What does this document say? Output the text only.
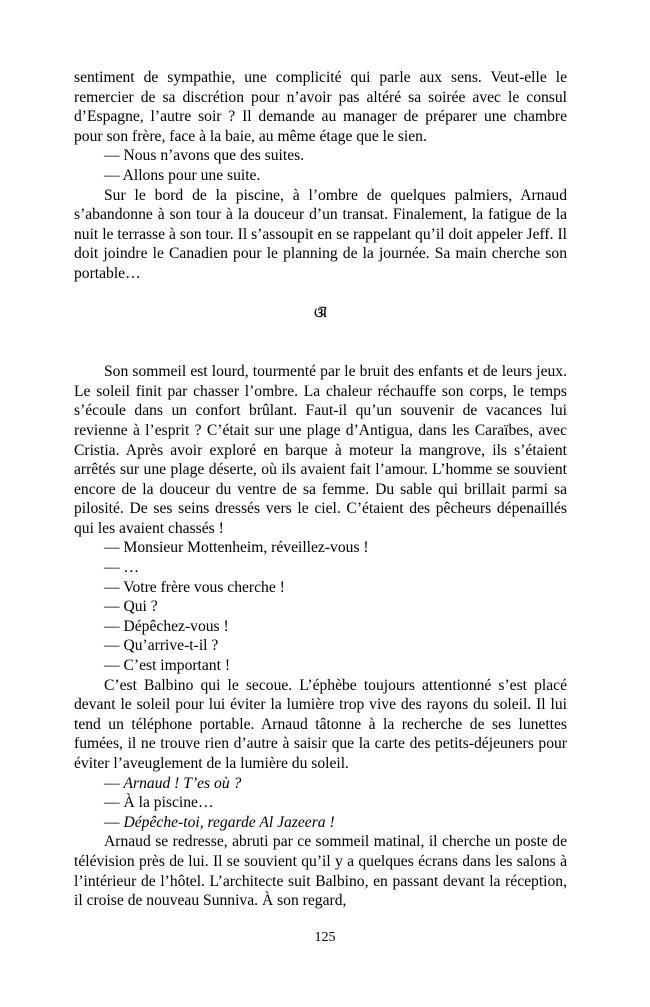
sentiment de sympathie, une complicité qui parle aux sens. Veut-elle le remercier de sa discrétion pour n’avoir pas altéré sa soirée avec le consul d’Espagne, l’autre soir ? Il demande au manager de préparer une chambre pour son frère, face à la baie, au même étage que le sien.

— Nous n’avons que des suites.

— Allons pour une suite.

Sur le bord de la piscine, à l’ombre de quelques palmiers, Arnaud s’abandonne à son tour à la douceur d’un transat. Finalement, la fatigue de la nuit le terrasse à son tour. Il s’assoupit en se rappelant qu’il doit appeler Jeff. Il doit joindre le Canadien pour le planning de la journée. Sa main cherche son portable…

ଔ

Son sommeil est lourd, tourmenté par le bruit des enfants et de leurs jeux. Le soleil finit par chasser l’ombre. La chaleur réchauffe son corps, le temps s’écoule dans un confort brûlant. Faut-il qu’un souvenir de vacances lui revienne à l’esprit ? C’était sur une plage d’Antigua, dans les Caraïbes, avec Cristia. Après avoir exploré en barque à moteur la mangrove, ils s’étaient arrêtés sur une plage déserte, où ils avaient fait l’amour. L’homme se souvient encore de la douceur du ventre de sa femme. Du sable qui brillait parmi sa pilosité. De ses seins dressés vers le ciel. C’étaient des pêcheurs dépenaillés qui les avaient chassés !

— Monsieur Mottenheim, réveillez-vous !

— …

— Votre frère vous cherche !

— Qui ?

— Dépêchez-vous !

— Qu’arrive-t-il ?

— C’est important !

C’est Balbino qui le secoue. L’éphèbe toujours attentionné s’est placé devant le soleil pour lui éviter la lumière trop vive des rayons du soleil. Il lui tend un téléphone portable. Arnaud tâtonne à la recherche de ses lunettes fumées, il ne trouve rien d’autre à saisir que la carte des petits-déjeuners pour éviter l’aveuglement de la lumière du soleil.

— Arnaud ! T’es où ?

— À la piscine…

— Dépêche-toi, regarde Al Jazeera !

Arnaud se redresse, abruti par ce sommeil matinal, il cherche un poste de télévision près de lui. Il se souvient qu’il y a quelques écrans dans les salons à l’intérieur de l’hôtel. L’architecte suit Balbino, en passant devant la réception, il croise de nouveau Sunniva. À son regard,

125
